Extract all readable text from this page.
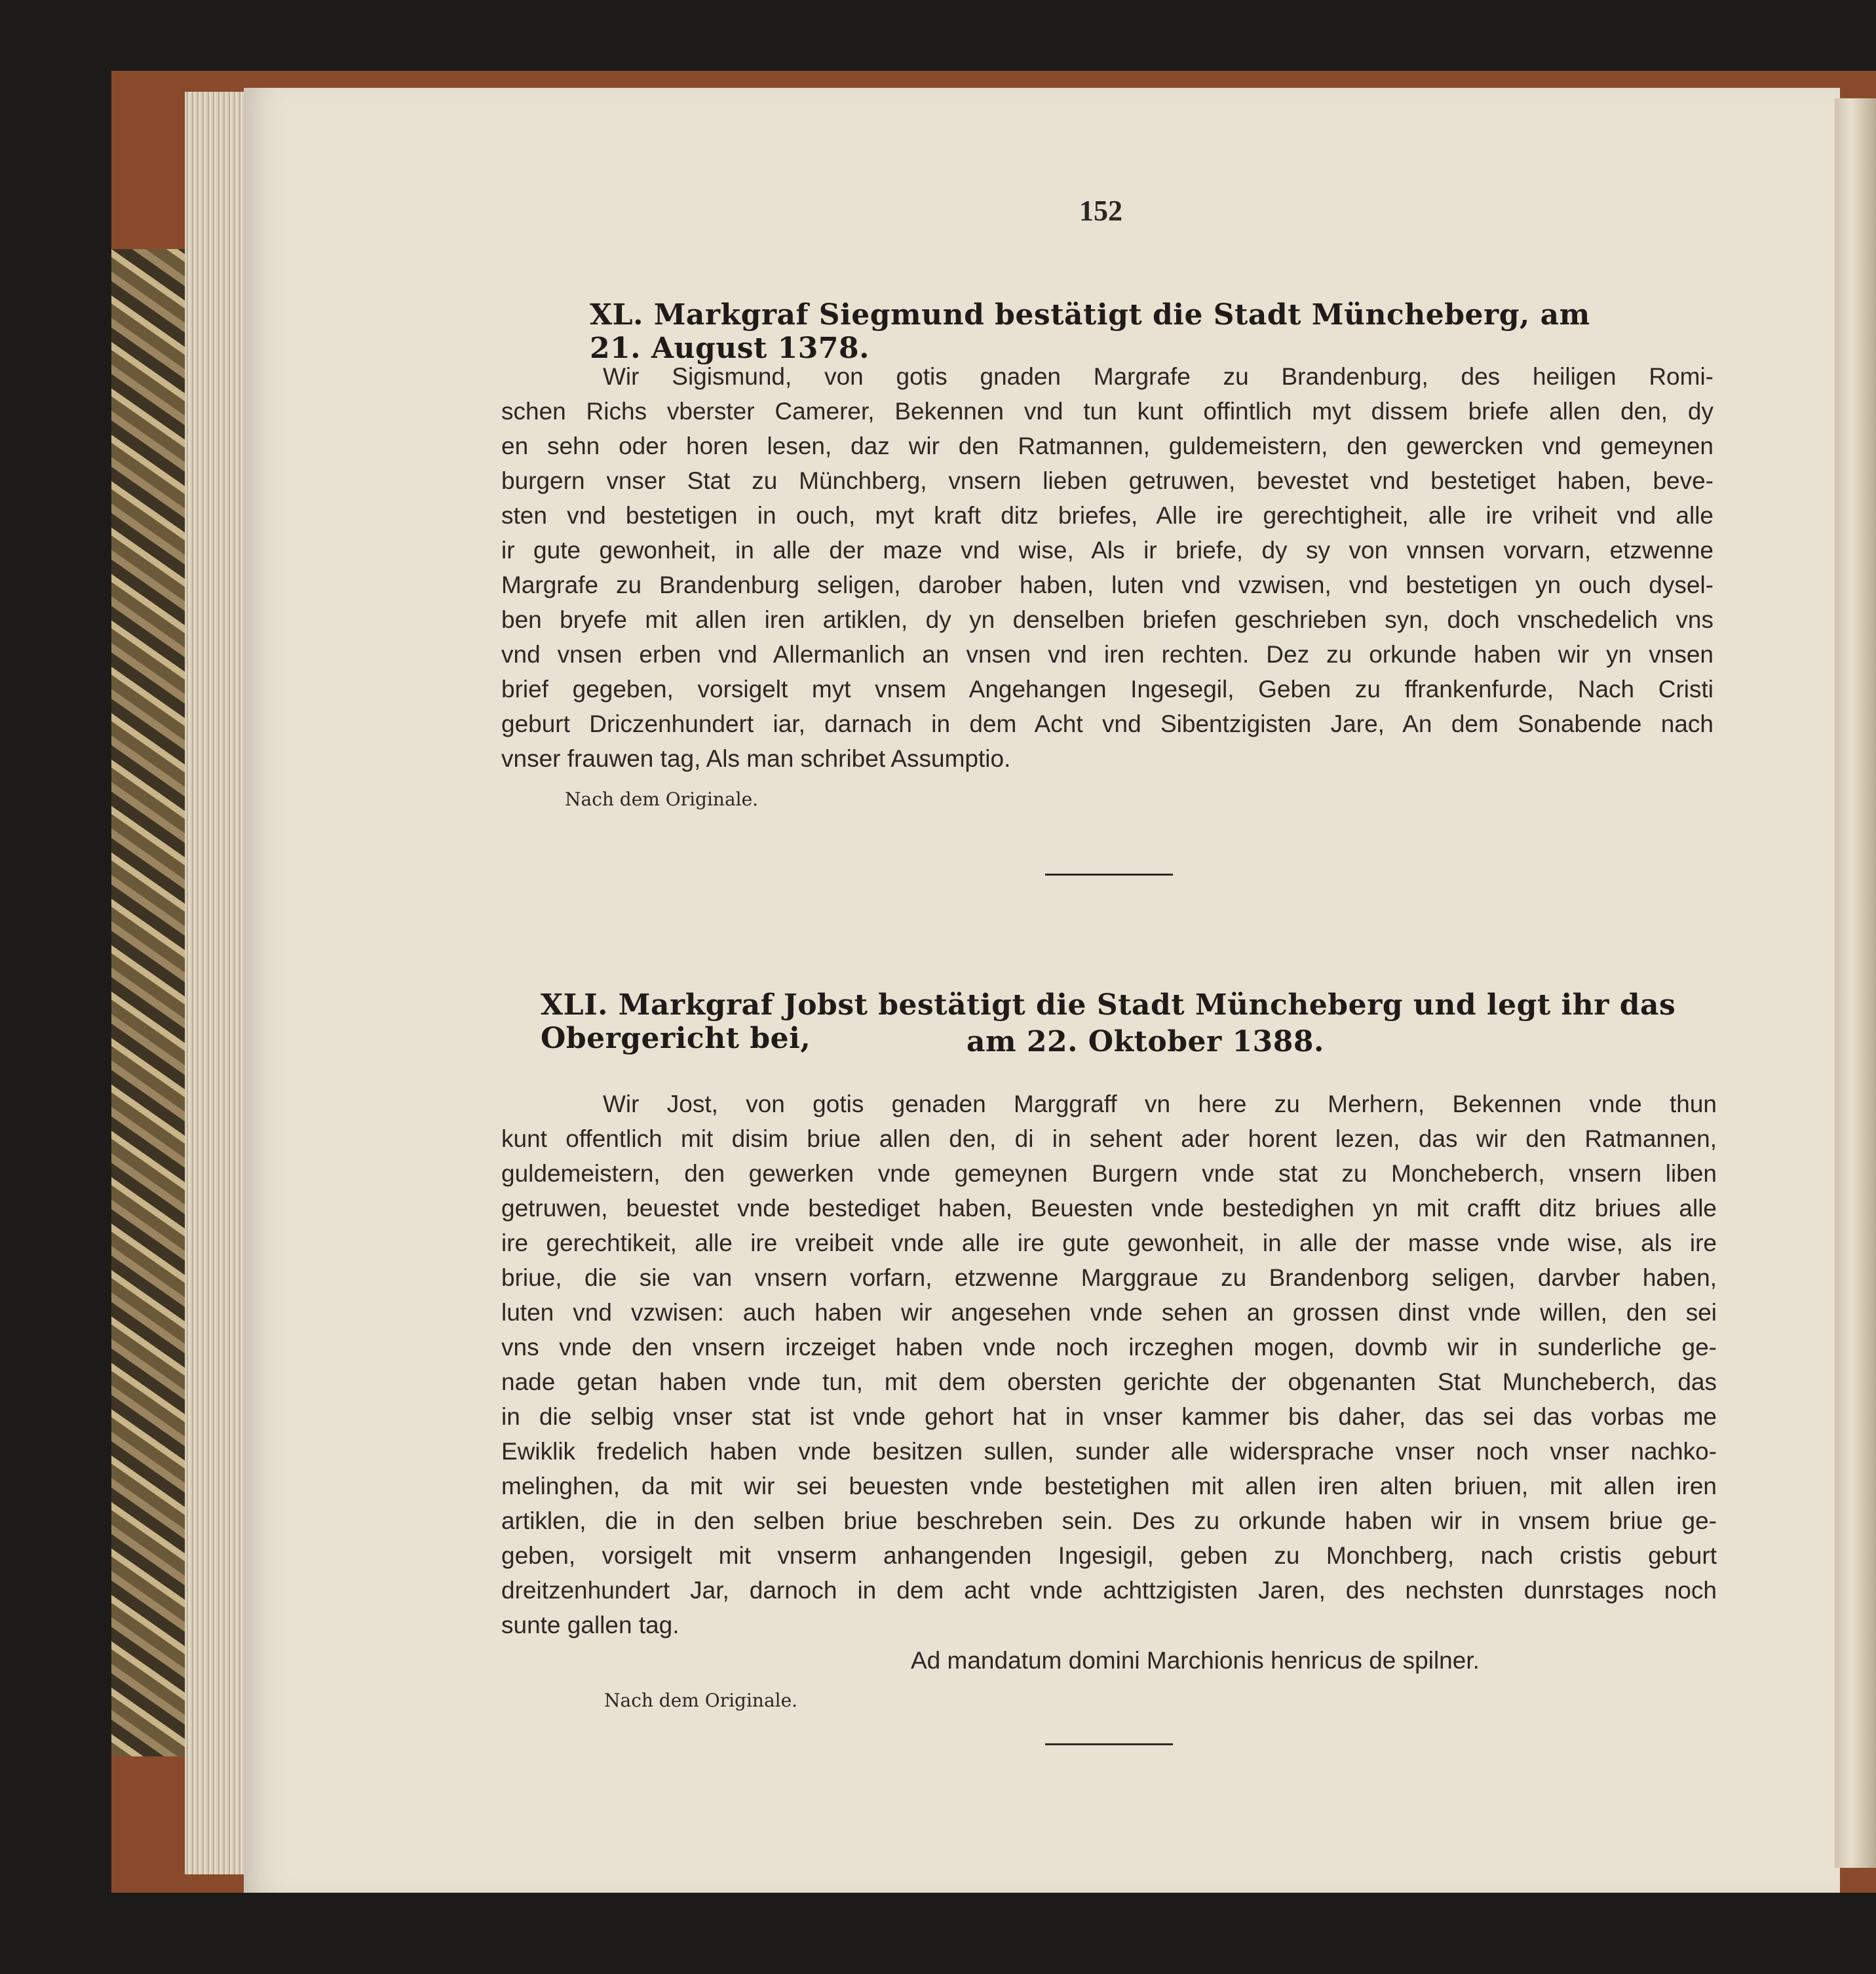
152
XL. Markgraf Siegmund bestätigt die Stadt Müncheberg, am 21. August 1378.
Wir Sigismund, von gotis gnaden Margrafe zu Brandenburg, des heiligen Romi-
schen Richs vberster Camerer, Bekennen vnd tun kunt offintlich myt dissem briefe allen den, dy
en sehn oder horen lesen, daz wir den Ratmannen, guldemeistern, den gewercken vnd gemeynen
burgern vnser Stat zu Münchberg, vnsern lieben getruwen, bevestet vnd bestetiget haben, beve-
sten vnd bestetigen in ouch, myt kraft ditz briefes, Alle ire gerechtigheit, alle ire vriheit vnd alle
ir gute gewonheit, in alle der maze vnd wise, Als ir briefe, dy sy von vnnsen vorvarn, etzwenne
Margrafe zu Brandenburg seligen, darober haben, luten vnd vzwisen, vnd bestetigen yn ouch dysel-
ben bryefe mit allen iren artiklen, dy yn denselben briefen geschrieben syn, doch vnschedelich vns
vnd vnsen erben vnd Allermanlich an vnsen vnd iren rechten. Dez zu orkunde haben wir yn vnsen
brief gegeben, vorsigelt myt vnsem Angehangen Ingesegil, Geben zu ffrankenfurde, Nach Cristi
geburt Driczenhundert iar, darnach in dem Acht vnd Sibentzigisten Jare, An dem Sonabende nach
vnser frauwen tag, Als man schribet Assumptio.
Nach dem Originale.
XLI. Markgraf Jobst bestätigt die Stadt Müncheberg und legt ihr das Obergericht bei,	am 22. Oktober 1388.
Wir Jost, von gotis genaden Marggraff vn here zu Merhern, Bekennen vnde thun
kunt offentlich mit disim briue allen den, di in sehent ader horent lezen, das wir den Ratmannen,
guldemeistern, den gewerken vnde gemeynen Burgern vnde stat zu Moncheberch, vnsern liben
getruwen, beuestet vnde bestediget haben, Beuesten vnde bestedighen yn mit crafft ditz briues alle
ire gerechtikeit, alle ire vreibeit vnde alle ire gute gewonheit, in alle der masse vnde wise, als ire
briue, die sie van vnsern vorfarn, etzwenne Marggraue zu Brandenborg seligen, darvber haben,
luten vnd vzwisen: auch haben wir angesehen vnde sehen an grossen dinst vnde willen, den sei
vns vnde den vnsern irczeiget haben vnde noch irczeghen mogen, dovmb wir in sunderliche ge-
nade getan haben vnde tun, mit dem obersten gerichte der obgenanten Stat Muncheberch, das
in die selbig vnser stat ist vnde gehort hat in vnser kammer bis daher, das sei das vorbas me
Ewiklik fredelich haben vnde besitzen sullen, sunder alle widersprache vnser noch vnser nachko-
melinghen, da mit wir sei beuesten vnde bestetighen mit allen iren alten briuen, mit allen iren
artiklen, die in den selben briue beschreben sein. Des zu orkunde haben wir in vnsem briue ge-
geben, vorsigelt mit vnserm anhangenden Ingesigil, geben zu Monchberg, nach cristis geburt
dreitzenhundert Jar, darnoch in dem acht vnde achttzigisten Jaren, des nechsten dunrstages noch
sunte gallen tag.
Ad mandatum domini Marchionis henricus de spilner.
Nach dem Originale.
